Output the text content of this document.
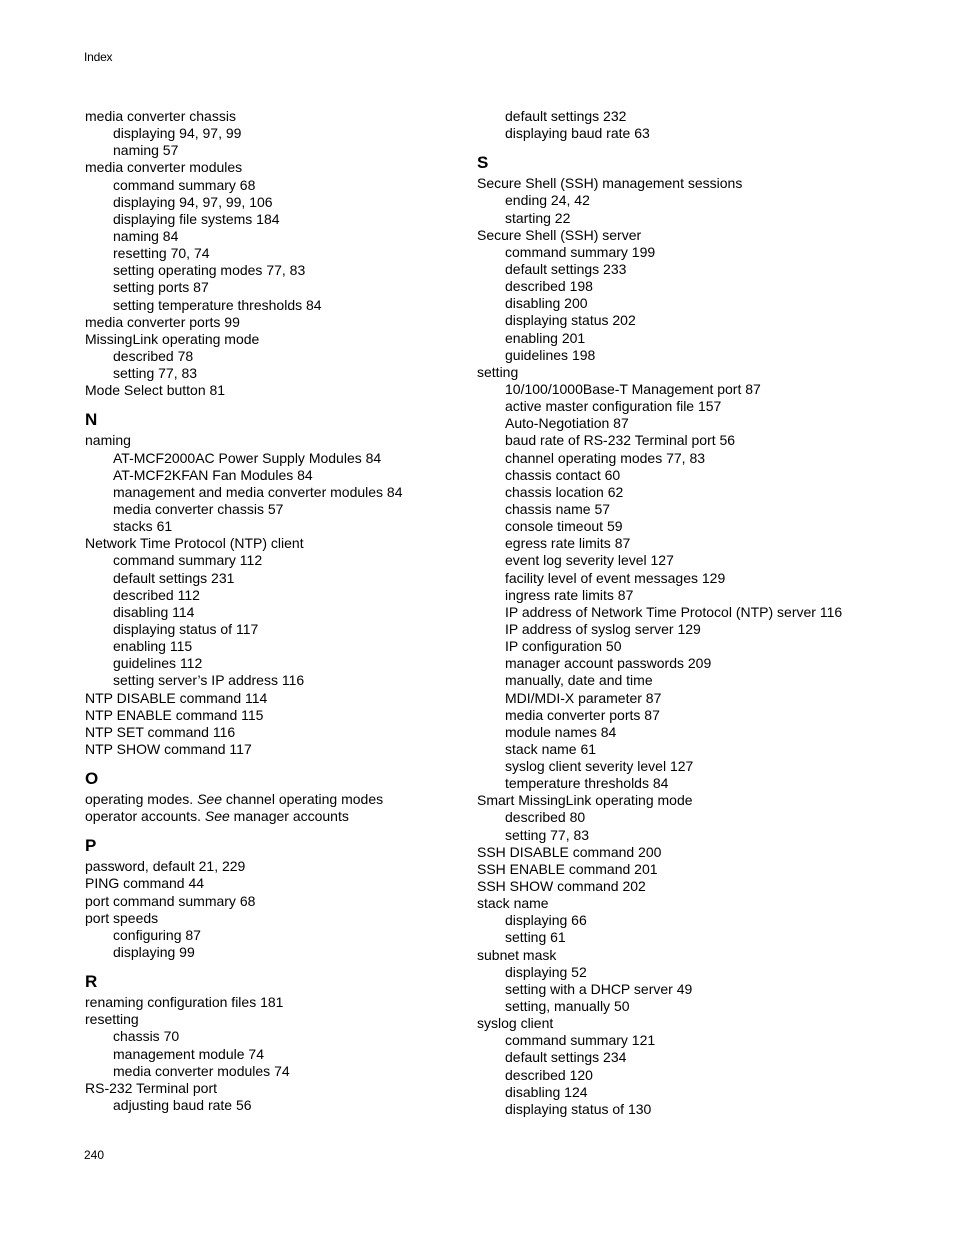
Index
media converter chassis
displaying 94, 97, 99
naming 57
media converter modules
command summary 68
displaying 94, 97, 99, 106
displaying file systems 184
naming 84
resetting 70, 74
setting operating modes 77, 83
setting ports 87
setting temperature thresholds 84
media converter ports 99
MissingLink operating mode
described 78
setting 77, 83
Mode Select button 81
N
naming
AT-MCF2000AC Power Supply Modules 84
AT-MCF2KFAN Fan Modules 84
management and media converter modules 84
media converter chassis 57
stacks 61
Network Time Protocol (NTP) client
command summary 112
default settings 231
described 112
disabling 114
displaying status of 117
enabling 115
guidelines 112
setting server’s IP address 116
NTP DISABLE command 114
NTP ENABLE command 115
NTP SET command 116
NTP SHOW command 117
O
operating modes. See channel operating modes
operator accounts. See manager accounts
P
password, default 21, 229
PING command 44
port command summary 68
port speeds
configuring 87
displaying 99
R
renaming configuration files 181
resetting
chassis 70
management module 74
media converter modules 74
RS-232 Terminal port
adjusting baud rate 56
default settings 232
displaying baud rate 63
S
Secure Shell (SSH) management sessions
ending 24, 42
starting 22
Secure Shell (SSH) server
command summary 199
default settings 233
described 198
disabling 200
displaying status 202
enabling 201
guidelines 198
setting
10/100/1000Base-T Management port 87
active master configuration file 157
Auto-Negotiation 87
baud rate of RS-232 Terminal port 56
channel operating modes 77, 83
chassis contact 60
chassis location 62
chassis name 57
console timeout 59
egress rate limits 87
event log severity level 127
facility level of event messages 129
ingress rate limits 87
IP address of Network Time Protocol (NTP) server 116
IP address of syslog server 129
IP configuration 50
manager account passwords 209
manually, date and time
MDI/MDI-X parameter 87
media converter ports 87
module names 84
stack name 61
syslog client severity level 127
temperature thresholds 84
Smart MissingLink operating mode
described 80
setting 77, 83
SSH DISABLE command 200
SSH ENABLE command 201
SSH SHOW command 202
stack name
displaying 66
setting 61
subnet mask
displaying 52
setting with a DHCP server 49
setting, manually 50
syslog client
command summary 121
default settings 234
described 120
disabling 124
displaying status of 130
240
